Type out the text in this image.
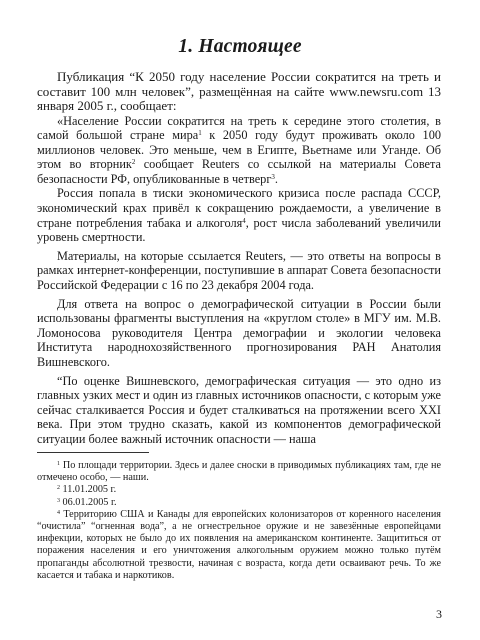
1. Настоящее

Публикация “К 2050 году население России сократится на треть и составит 100 млн человек”, размещённая на сайте www.newsru.com 13 января 2005 г., сообщает:

«Население России сократится на треть к середине этого столетия, в самой большой стране мира$^1$ к 2050 году будут проживать около 100 миллионов человек. Это меньше, чем в Египте, Вьетнаме или Уганде. Об этом во вторник$^2$ сообщает Reuters со ссылкой на материалы Совета безопасности РФ, опубликованные в четверг$^3$.

Россия попала в тиски экономического кризиса после распада СССР, экономический крах привёл к сокращению рождаемости, а увеличение в стране потребления табака и алкоголя$^4$, рост числа заболеваний увеличили уровень смертности.

Материалы, на которые ссылается Reuters, — это ответы на вопросы в рамках интернет-конференции, поступившие в аппарат Совета безопасности Российской Федерации с 16 по 23 декабря 2004 года.

Для ответа на вопрос о демографической ситуации в России были использованы фрагменты выступления на «круглом столе» в МГУ им. М.В. Ломоносова руководителя Центра демографии и экологии человека Института народнохозяйственного прогнозирования РАН Анатолия Вишневского.

“По оценке Вишневского, демографическая ситуация — это одно из главных узких мест и один из главных источников опасности, с которым уже сейчас сталкивается Россия и будет сталкиваться на протяжении всего XXI века. При этом трудно сказать, какой из компонентов демографической ситуации более важный источник опасности — наша

$^1$ По площади территории. Здесь и далее сноски в приводимых публикациях там, где не отмечено особо, — наши.

$^2$ 11.01.2005 г.

$^3$ 06.01.2005 г.

$^4$ Территорию США и Канады для европейских колонизаторов от коренного населения “очистила” “огненная вода”, а не огнестрельное оружие и не завезённые европейцами инфекции, которых не было до их появления на американском континенте. Защититься от поражения населения и его уничтожения алкогольным оружием можно только путём пропаганды абсолютной трезвости, начиная с возраста, когда дети осваивают речь. То же касается и табака и наркотиков.

3
